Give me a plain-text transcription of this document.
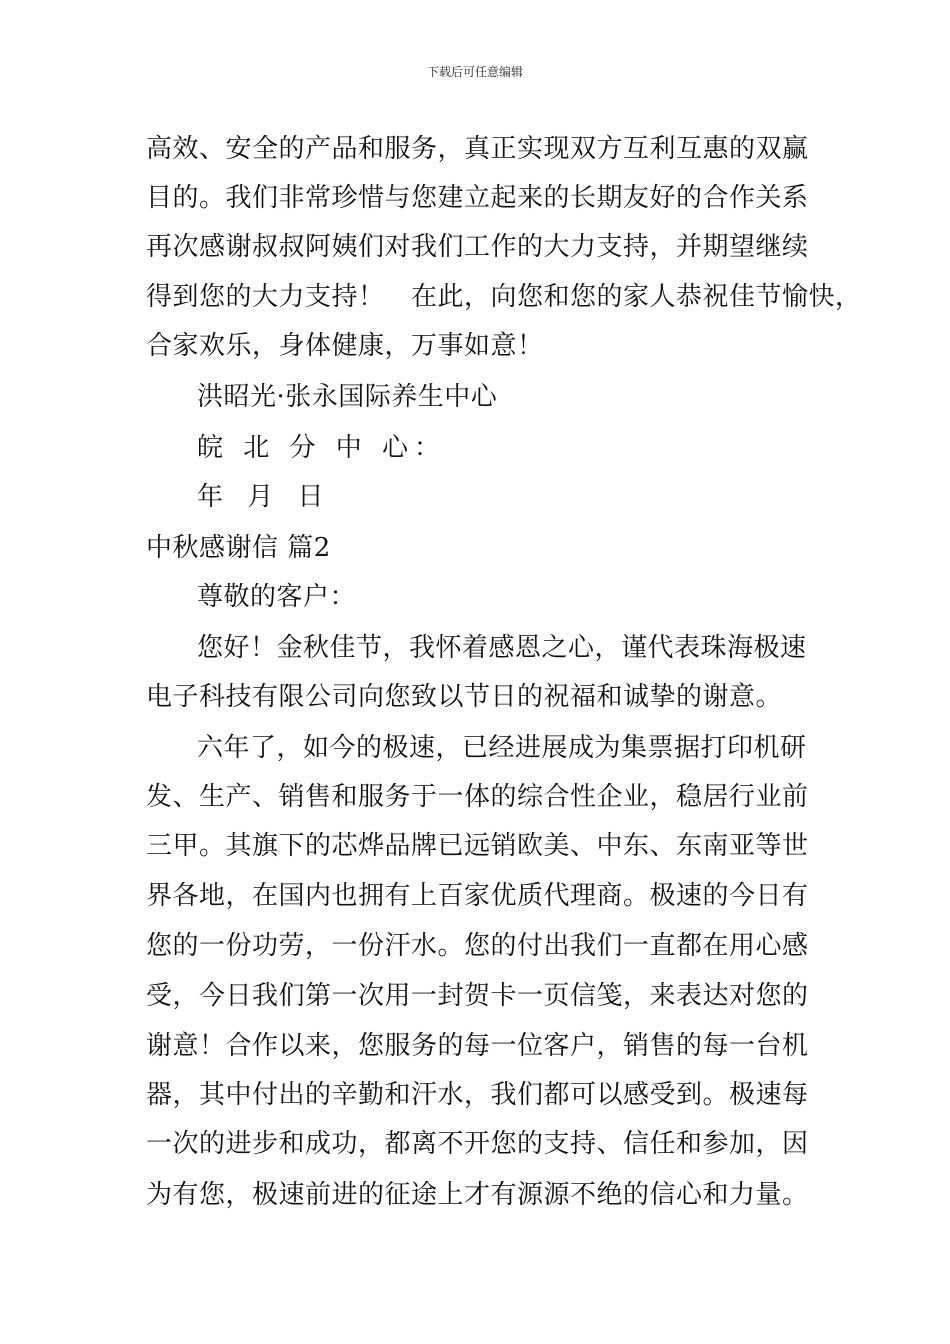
下载后可任意编辑
高效、安全的产品和服务，真正实现双方互利互惠的双赢
目的。我们非常珍惜与您建立起来的长期友好的合作关系
再次感谢叔叔阿姨们对我们工作的大力支持，并期望继续
得到您的大力支持！　在此，向您和您的家人恭祝佳节愉快，
合家欢乐，身体健康，万事如意！
洪昭光·张永国际养生中心
皖 北 分 中 心：
年 月 日
中秋感谢信 篇2
尊敬的客户：
您好！金秋佳节，我怀着感恩之心，谨代表珠海极速
电子科技有限公司向您致以节日的祝福和诚挚的谢意。
六年了，如今的极速，已经进展成为集票据打印机研
发、生产、销售和服务于一体的综合性企业，稳居行业前
三甲。其旗下的芯烨品牌已远销欧美、中东、东南亚等世
界各地，在国内也拥有上百家优质代理商。极速的今日有
您的一份功劳，一份汗水。您的付出我们一直都在用心感
受，今日我们第一次用一封贺卡一页信笺，来表达对您的
谢意！合作以来，您服务的每一位客户，销售的每一台机
器，其中付出的辛勤和汗水，我们都可以感受到。极速每
一次的进步和成功，都离不开您的支持、信任和参加，因
为有您，极速前进的征途上才有源源不绝的信心和力量。
